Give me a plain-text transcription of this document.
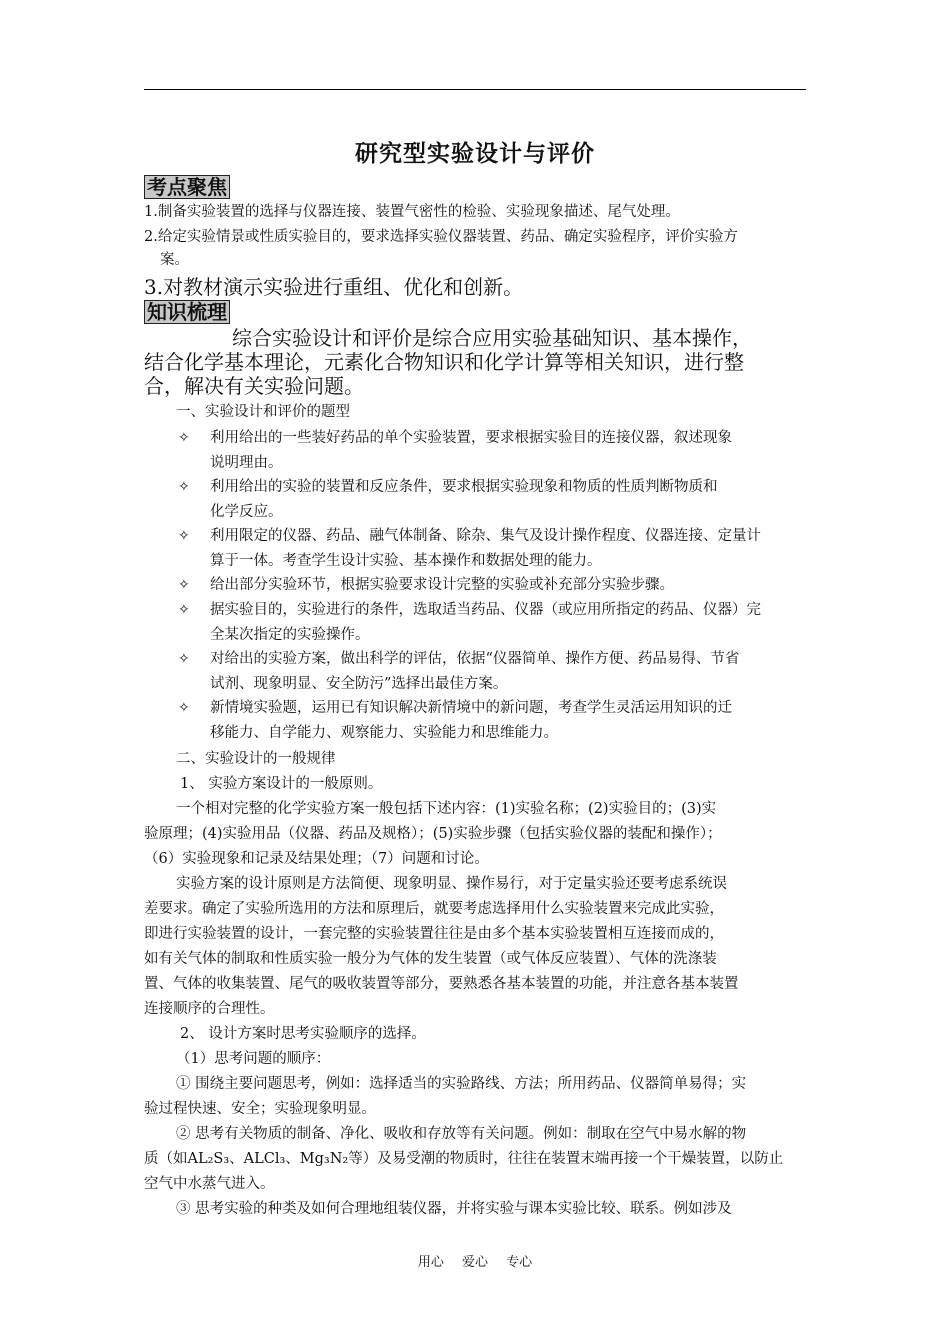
研究型实验设计与评价
考点聚焦
1.制备实验装置的选择与仪器连接、装置气密性的检验、实验现象描述、尾气处理。
2.给定实验情景或性质实验目的，要求选择实验仪器装置、药品、确定实验程序，评价实验方
案。
3.对教材演示实验进行重组、优化和创新。
知识梳理
综合实验设计和评价是综合应用实验基础知识、基本操作，
结合化学基本理论，元素化合物知识和化学计算等相关知识，进行整
合，解决有关实验问题。
一、实验设计和评价的题型
✧ 利用给出的一些装好药品的单个实验装置，要求根据实验目的连接仪器，叙述现象
说明理由。
✧ 利用给出的实验的装置和反应条件，要求根据实验现象和物质的性质判断物质和
化学反应。
✧ 利用限定的仪器、药品、融气体制备、除杂、集气及设计操作程度、仪器连接、定量计
算于一体。考查学生设计实验、基本操作和数据处理的能力。
✧ 给出部分实验环节，根据实验要求设计完整的实验或补充部分实验步骤。
✧ 据实验目的，实验进行的条件，选取适当药品、仪器（或应用所指定的药品、仪器）完
全某次指定的实验操作。
✧ 对给出的实验方案，做出科学的评估，依据“仪器简单、操作方便、药品易得、节省
试剂、现象明显、安全防污”选择出最佳方案。
✧ 新情境实验题，运用已有知识解决新情境中的新问题，考查学生灵活运用知识的迁
移能力、自学能力、观察能力、实验能力和思维能力。
二、实验设计的一般规律
1、 实验方案设计的一般原则。
一个相对完整的化学实验方案一般包括下述内容：(1)实验名称；(2)实验目的；(3)实
验原理；(4)实验用品（仪器、药品及规格）；(5)实验步骤（包括实验仪器的装配和操作）；
（6）实验现象和记录及结果处理；（7）问题和讨论。
实验方案的设计原则是方法简便、现象明显、操作易行，对于定量实验还要考虑系统误
差要求。确定了实验所选用的方法和原理后，就要考虑选择用什么实验装置来完成此实验，
即进行实验装置的设计，一套完整的实验装置往往是由多个基本实验装置相互连接而成的，
如有关气体的制取和性质实验一般分为气体的发生装置（或气体反应装置）、气体的洗涤装
置、气体的收集装置、尾气的吸收装置等部分，要熟悉各基本装置的功能，并注意各基本装置
连接顺序的合理性。
2、 设计方案时思考实验顺序的选择。
（1）思考问题的顺序：
① 围绕主要问题思考，例如：选择适当的实验路线、方法；所用药品、仪器简单易得；实
验过程快速、安全；实验现象明显。
② 思考有关物质的制备、净化、吸收和存放等有关问题。例如：制取在空气中易水解的物
质（如AL₂S₃、ALCl₃、Mg₃N₂等）及易受潮的物质时，往往在装置末端再接一个干燥装置，以防止
空气中水蒸气进入。
③ 思考实验的种类及如何合理地组装仪器，并将实验与课本实验比较、联系。例如涉及
用心 爱心 专心
